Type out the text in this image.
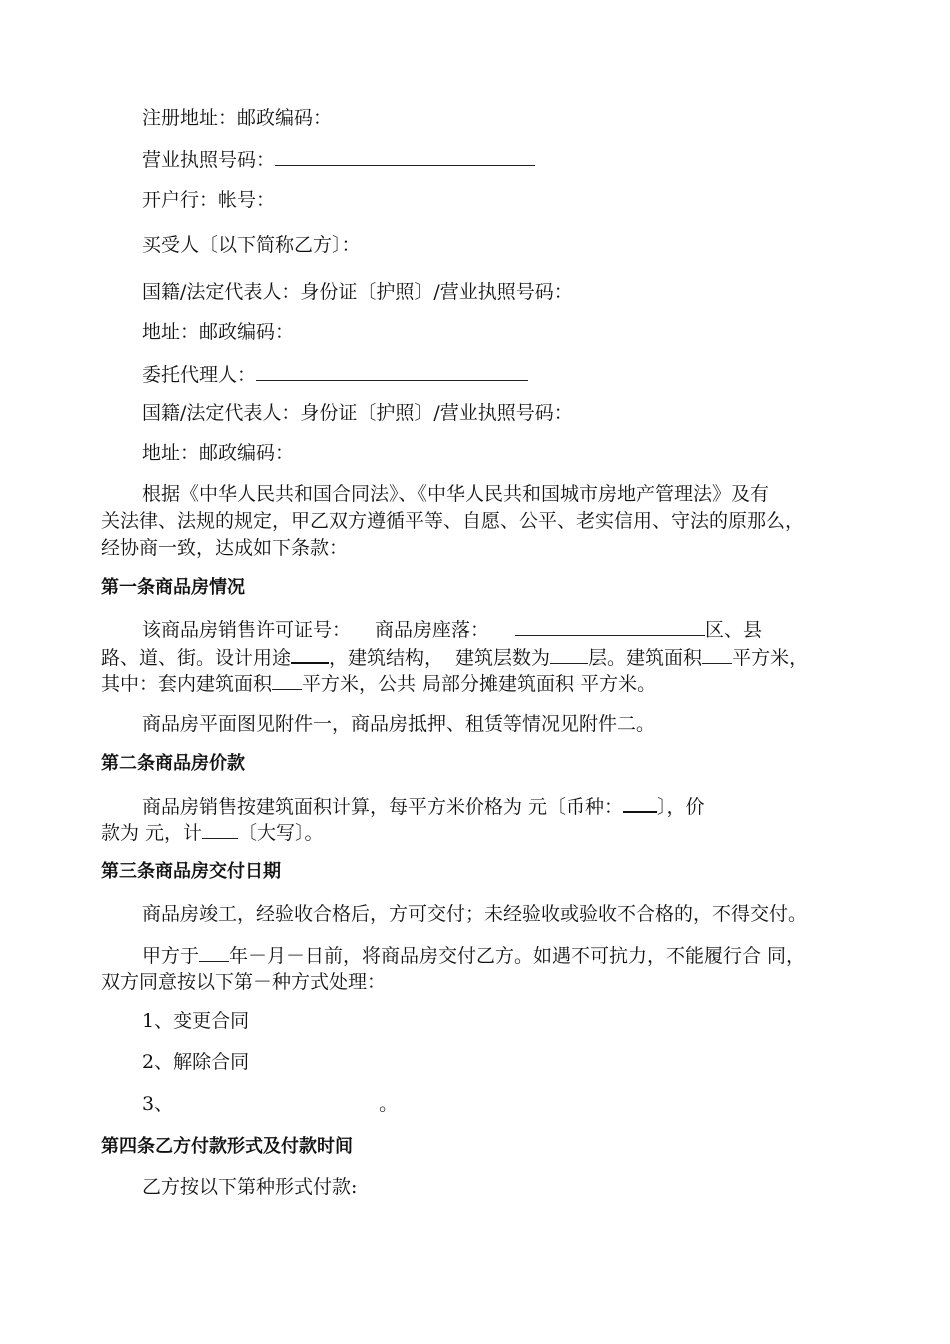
注册地址：邮政编码：
营业执照号码：
开户行：帐号：
买受人〔以下简称乙方〕：
国籍/法定代表人：身份证〔护照〕/营业执照号码：
地址：邮政编码：
委托代理人：
国籍/法定代表人：身份证〔护照〕/营业执照号码：
地址：邮政编码：
根据《中华人民共和国合同法》、《中华人民共和国城市房地产管理法》及有
关法律、法规的规定，甲乙双方遵循平等、自愿、公平、老实信用、守法的原那么，
经协商一致，达成如下条款：
第一条商品房情况
该商品房销售许可证号： 商品房座落：	区、县
路、道、街。设计用途 ，建筑结构， 建筑层数为 层。建筑面积 平方米，
其中：套内建筑面积 平方米，公共 局部分摊建筑面积 平方米。
商品房平面图见附件一，商品房抵押、租赁等情况见附件二。
第二条商品房价款
商品房销售按建筑面积计算，每平方米价格为 元〔币种： 〕，价
款为 元，计 〔大写〕。
第三条商品房交付日期
商品房竣工，经验收合格后，方可交付；未经验收或验收不合格的，不得交付。
甲方于 年－月－日前，将商品房交付乙方。如遇不可抗力，不能履行合 同，
双方同意按以下第－种方式处理：
1、变更合同
2、解除合同
3、	。
第四条乙方付款形式及付款时间
乙方按以下第种形式付款:
